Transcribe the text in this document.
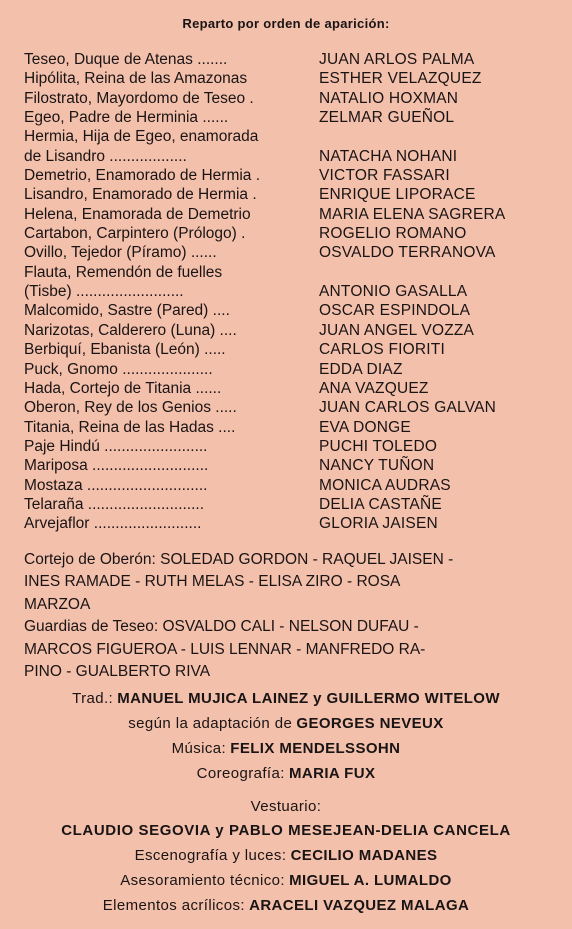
Reparto por orden de aparición:
Teseo, Duque de Atenas .......	JUAN ARLOS PALMA
Hipólita, Reina de las Amazonas	ESTHER VELAZQUEZ
Filostrato, Mayordomo de Teseo .	NATALIO HOXMAN
Egeo, Padre de Herminia ......	ZELMAR GUEÑOL
Hermia, Hija de Egeo, enamorada
de Lisandro ..................	NATACHA NOHANI
Demetrio, Enamorado de Hermia .	VICTOR FASSARI
Lisandro, Enamorado de Hermia .	ENRIQUE LIPORACE
Helena, Enamorada de Demetrio	MARIA ELENA SAGRERA
Cartabon, Carpintero (Prólogo) .	ROGELIO ROMANO
Ovillo, Tejedor (Píramo) ......	OSVALDO TERRANOVA
Flauta, Remendón de fuelles
(Tisbe) .........................	ANTONIO GASALLA
Malcomido, Sastre (Pared) ....	OSCAR ESPINDOLA
Narizotas, Calderero (Luna) ....	JUAN ANGEL VOZZA
Berbiquí, Ebanista (León) .....	CARLOS FIORITI
Puck, Gnomo .....................	EDDA DIAZ
Hada, Cortejo de Titania ......	ANA VAZQUEZ
Oberon, Rey de los Genios .....	JUAN CARLOS GALVAN
Titania, Reina de las Hadas ....	EVA DONGE
Paje Hindú ........................	PUCHI TOLEDO
Mariposa ...........................	NANCY TUÑON
Mostaza ............................	MONICA AUDRAS
Telaraña ...........................	DELIA CASTAÑE
Arvejaflor .........................	GLORIA JAISEN
Cortejo de Oberón: SOLEDAD GORDON - RAQUEL JAISEN -
INES RAMADE - RUTH MELAS - ELISA ZIRO - ROSA
MARZOA
Guardias de Teseo: OSVALDO CALI - NELSON DUFAU -
MARCOS FIGUEROA - LUIS LENNAR - MANFREDO RA-
PINO - GUALBERTO RIVA
Trad.: MANUEL MUJICA LAINEZ y GUILLERMO WITELOW
según la adaptación de GEORGES NEVEUX
Música: FELIX MENDELSSOHN
Coreografía: MARIA FUX
Vestuario:
CLAUDIO SEGOVIA y PABLO MESEJEAN-DELIA CANCELA
Escenografía y luces: CECILIO MADANES
Asesoramiento técnico: MIGUEL A. LUMALDO
Elementos acrílicos: ARACELI VAZQUEZ MALAGA
